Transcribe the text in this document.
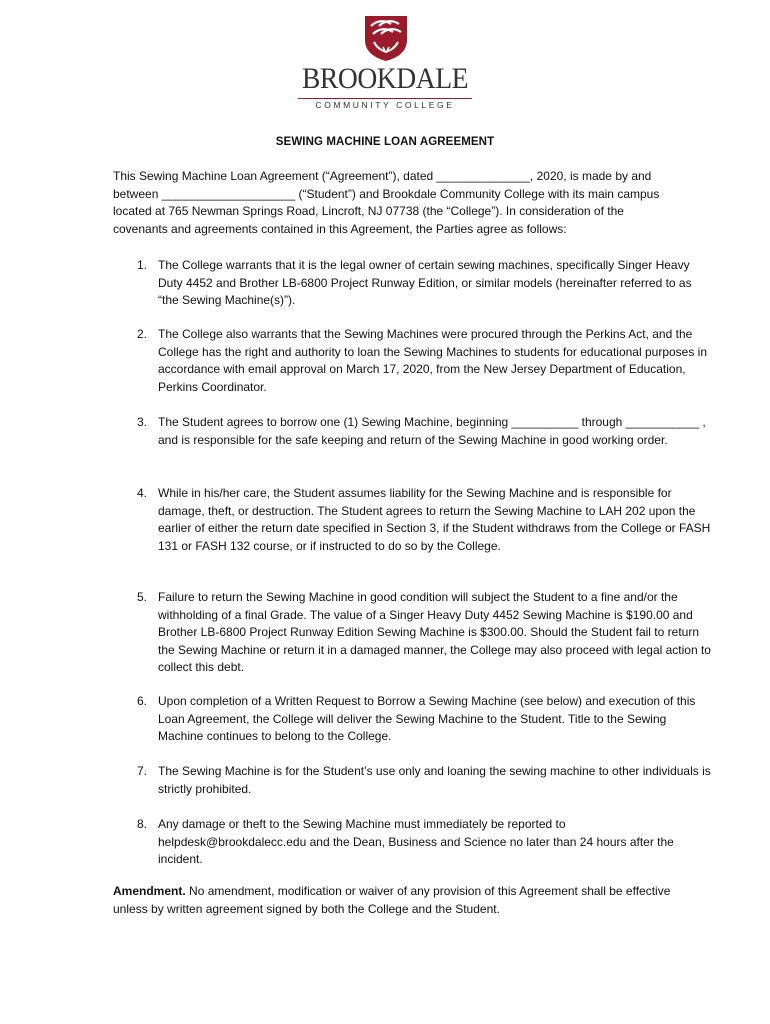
BROOKDALE
COMMUNITY COLLEGE
SEWING MACHINE LOAN AGREEMENT
This Sewing Machine Loan Agreement (“Agreement”), dated ______________, 2020, is made by and between ____________________ (“Student”) and Brookdale Community College with its main campus located at 765 Newman Springs Road, Lincroft, NJ 07738 (the “College”). In consideration of the covenants and agreements contained in this Agreement, the Parties agree as follows:
1. The College warrants that it is the legal owner of certain sewing machines, specifically Singer Heavy Duty 4452 and Brother LB-6800 Project Runway Edition, or similar models (hereinafter referred to as “the Sewing Machine(s)”).
2. The College also warrants that the Sewing Machines were procured through the Perkins Act, and the College has the right and authority to loan the Sewing Machines to students for educational purposes in accordance with email approval on March 17, 2020, from the New Jersey Department of Education, Perkins Coordinator.
3. The Student agrees to borrow one (1) Sewing Machine, beginning __________ through ___________ , and is responsible for the safe keeping and return of the Sewing Machine in good working order.
4. While in his/her care, the Student assumes liability for the Sewing Machine and is responsible for damage, theft, or destruction. The Student agrees to return the Sewing Machine to LAH 202 upon the earlier of either the return date specified in Section 3, if the Student withdraws from the College or FASH 131 or FASH 132 course, or if instructed to do so by the College.
5. Failure to return the Sewing Machine in good condition will subject the Student to a fine and/or the withholding of a final Grade. The value of a Singer Heavy Duty 4452 Sewing Machine is $190.00 and Brother LB-6800 Project Runway Edition Sewing Machine is $300.00. Should the Student fail to return the Sewing Machine or return it in a damaged manner, the College may also proceed with legal action to collect this debt.
6. Upon completion of a Written Request to Borrow a Sewing Machine (see below) and execution of this Loan Agreement, the College will deliver the Sewing Machine to the Student. Title to the Sewing Machine continues to belong to the College.
7. The Sewing Machine is for the Student’s use only and loaning the sewing machine to other individuals is strictly prohibited.
8. Any damage or theft to the Sewing Machine must immediately be reported to helpdesk@brookdalecc.edu and the Dean, Business and Science no later than 24 hours after the incident.
Amendment. No amendment, modification or waiver of any provision of this Agreement shall be effective unless by written agreement signed by both the College and the Student.
